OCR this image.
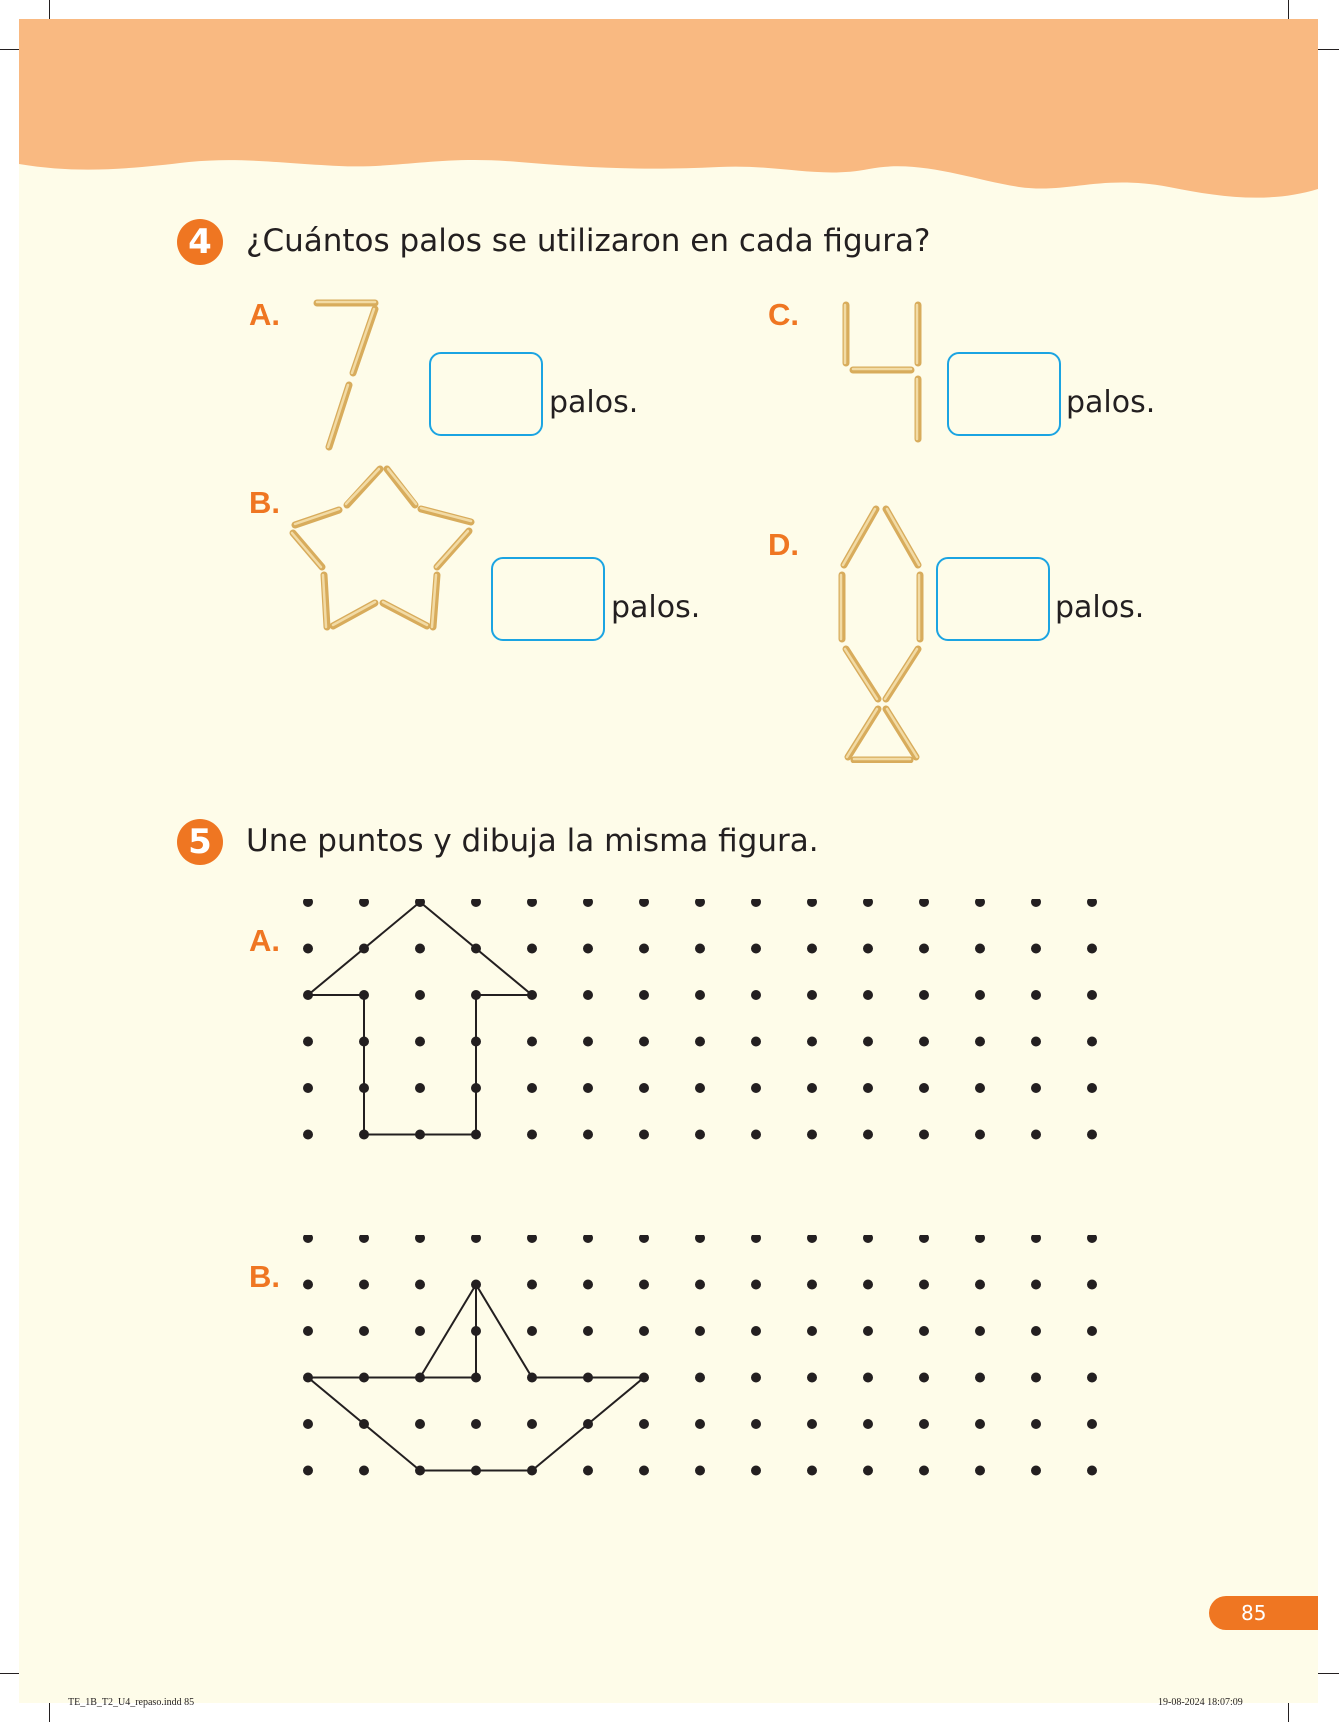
4	¿Cuántos palos se utilizaron en cada figura?
A.
palos.
B.
palos.
C.
palos.
D.
palos.
5	Une puntos y dibuja la misma figura.
A.
B.
85
TE_1B_T2_U4_repaso.indd 85	19-08-2024 18:07:09
